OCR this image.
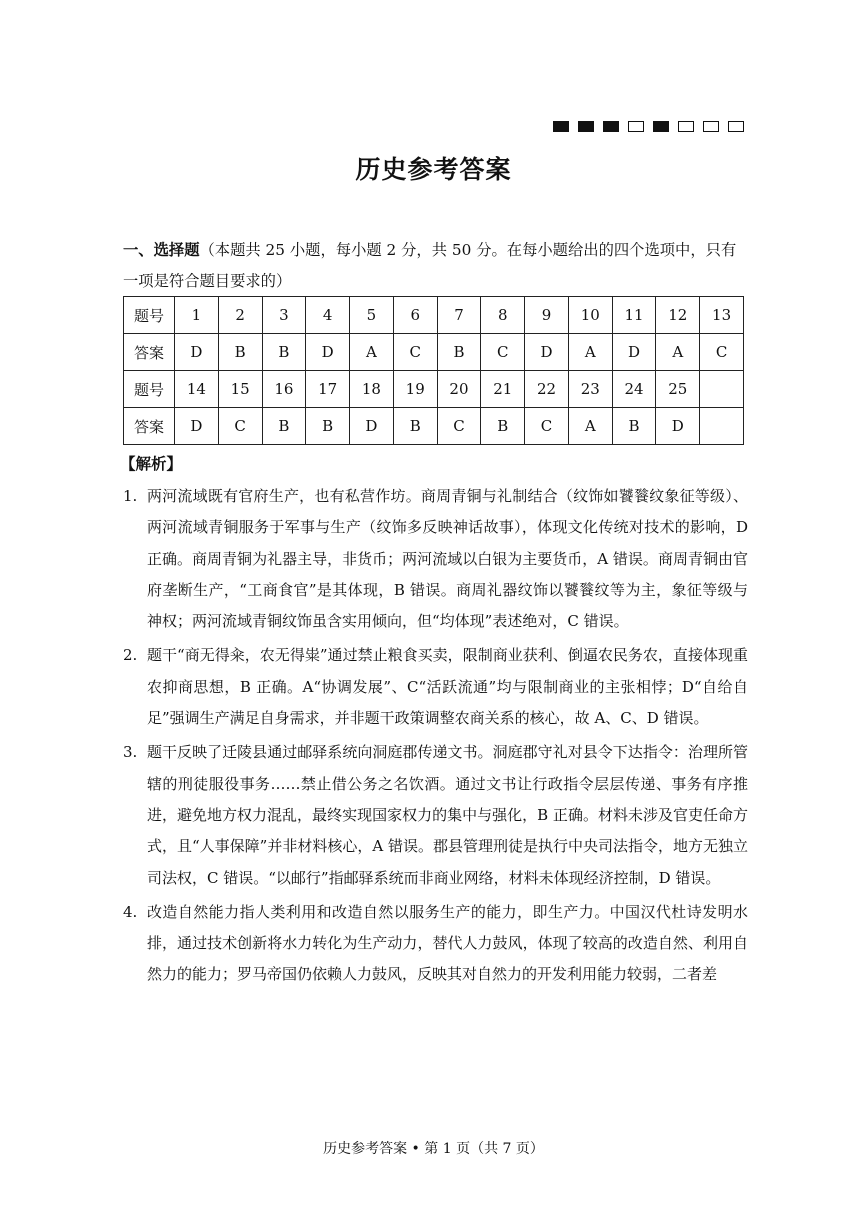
历史参考答案
一、选择题（本题共 25 小题，每小题 2 分，共 50 分。在每小题给出的四个选项中，只有一项是符合题目要求的）
题号	1	2	3	4	5	6	7	8	9	10	11	12	13
答案	D	B	B	D	A	C	B	C	D	A	D	A	C
题号	14	15	16	17	18	19	20	21	22	23	24	25	
答案	D	C	B	B	D	B	C	B	C	A	B	D	
【解析】
1. 两河流域既有官府生产，也有私营作坊。商周青铜与礼制结合（纹饰如饕餮纹象征等级）、两河流域青铜服务于军事与生产（纹饰多反映神话故事），体现文化传统对技术的影响，D 正确。商周青铜为礼器主导，非货币；两河流域以白银为主要货币，A 错误。商周青铜由官府垄断生产，“工商食官”是其体现，B 错误。商周礼器纹饰以饕餮纹等为主，象征等级与神权；两河流域青铜纹饰虽含实用倾向，但“均体现”表述绝对，C 错误。
2. 题干“商无得籴，农无得粜”通过禁止粮食买卖，限制商业获利、倒逼农民务农，直接体现重农抑商思想，B 正确。A“协调发展”、C“活跃流通”均与限制商业的主张相悖；D“自给自足”强调生产满足自身需求，并非题干政策调整农商关系的核心，故 A、C、D 错误。
3. 题干反映了迁陵县通过邮驿系统向洞庭郡传递文书。洞庭郡守礼对县令下达指令：治理所管辖的刑徒服役事务……禁止借公务之名饮酒。通过文书让行政指令层层传递、事务有序推进，避免地方权力混乱，最终实现国家权力的集中与强化，B 正确。材料未涉及官吏任命方式，且“人事保障”并非材料核心，A 错误。郡县管理刑徒是执行中央司法指令，地方无独立司法权，C 错误。“以邮行”指邮驿系统而非商业网络，材料未体现经济控制，D 错误。
4. 改造自然能力指人类利用和改造自然以服务生产的能力，即生产力。中国汉代杜诗发明水排，通过技术创新将水力转化为生产动力，替代人力鼓风，体现了较高的改造自然、利用自然力的能力；罗马帝国仍依赖人力鼓风，反映其对自然力的开发利用能力较弱，二者差
历史参考答案 • 第 1 页（共 7 页）
